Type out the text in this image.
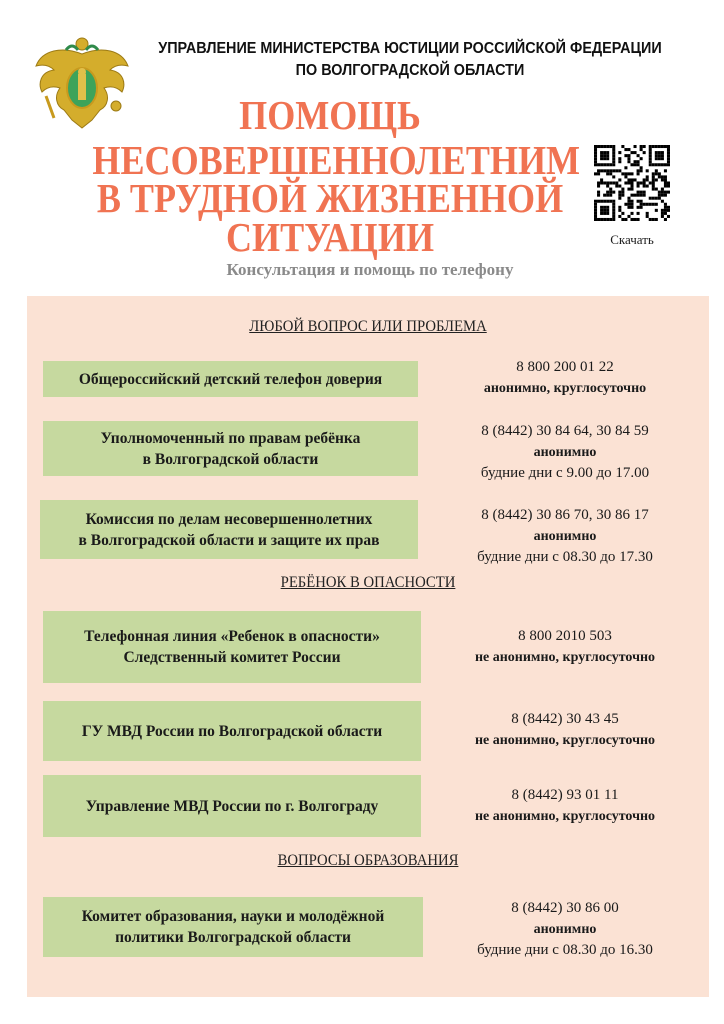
УПРАВЛЕНИЕ МИНИСТЕРСТВА ЮСТИЦИИ РОССИЙСКОЙ ФЕДЕРАЦИИ
ПО ВОЛГОГРАДСКОЙ ОБЛАСТИ
ПОМОЩЬ
НЕСОВЕРШЕННОЛЕТНИМ
В ТРУДНОЙ ЖИЗНЕННОЙ
СИТУАЦИИ	Скачать
Консультация и помощь по телефону
ЛЮБОЙ ВОПРОС ИЛИ ПРОБЛЕМА
Общероссийский детский телефон доверия
8 800 200 01 22
анонимно, круглосуточно
Уполномоченный по правам ребёнка
в Волгоградской области
8 (8442) 30 84 64, 30 84 59
анонимно
будние дни с 9.00 до 17.00
Комиссия по делам несовершеннолетних
в Волгоградской области и защите их прав
8 (8442) 30 86 70, 30 86 17
анонимно
будние дни с 08.30 до 17.30
РЕБЁНОК В ОПАСНОСТИ
Телефонная линия «Ребенок в опасности»
Следственный комитет России
8 800 2010 503
не анонимно, круглосуточно
ГУ МВД России по Волгоградской области
8 (8442) 30 43 45
не анонимно, круглосуточно
Управление МВД России по г. Волгограду
8 (8442) 93 01 11
не анонимно, круглосуточно
ВОПРОСЫ ОБРАЗОВАНИЯ
Комитет образования, науки и молодёжной
политики Волгоградской области
8 (8442) 30 86 00
анонимно
будние дни с 08.30 до 16.30
